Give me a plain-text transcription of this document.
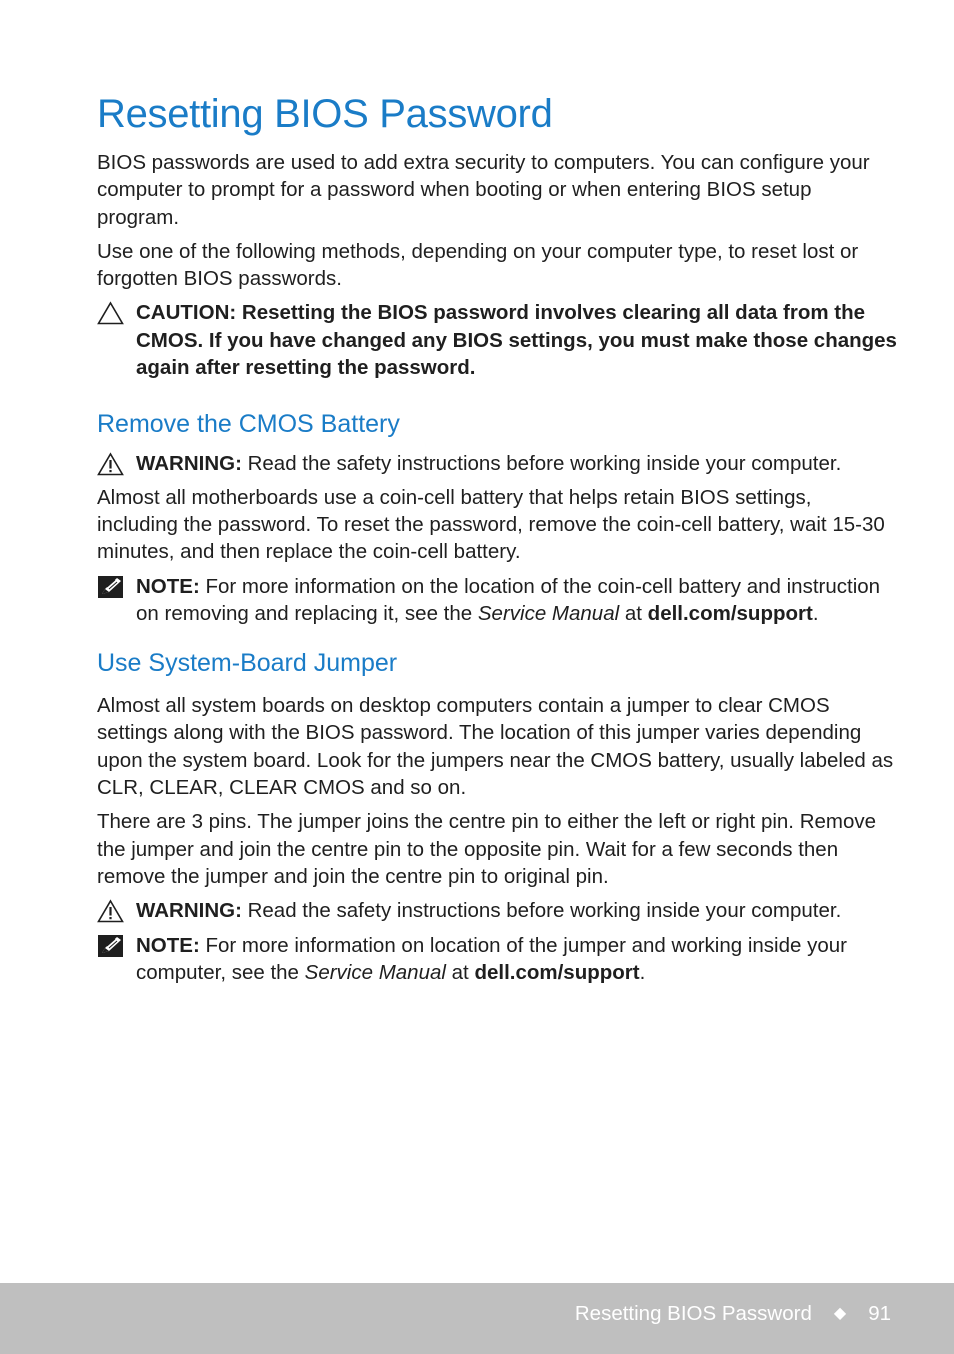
Resetting BIOS Password

BIOS passwords are used to add extra security to computers. You can configure your computer to prompt for a password when booting or when entering BIOS setup program.

Use one of the following methods, depending on your computer type, to reset lost or forgotten BIOS passwords.

CAUTION: Resetting the BIOS password involves clearing all data from the CMOS. If you have changed any BIOS settings, you must make those changes again after resetting the password.
Remove the CMOS Battery
WARNING: Read the safety instructions before working inside your computer.

Almost all motherboards use a coin-cell battery that helps retain BIOS settings, including the password. To reset the password, remove the coin-cell battery, wait 15-30 minutes, and then replace the coin-cell battery.

NOTE: For more information on the location of the coin-cell battery and instruction on removing and replacing it, see the Service Manual at dell.com/support.
Use System-Board Jumper

Almost all system boards on desktop computers contain a jumper to clear CMOS settings along with the BIOS password. The location of this jumper varies depending upon the system board. Look for the jumpers near the CMOS battery, usually labeled as CLR, CLEAR, CLEAR CMOS and so on.

There are 3 pins. The jumper joins the centre pin to either the left or right pin. Remove the jumper and join the centre pin to the opposite pin. Wait for a few seconds then remove the jumper and join the centre pin to original pin.

WARNING: Read the safety instructions before working inside your computer.
NOTE: For more information on location of the jumper and working inside your computer, see the Service Manual at dell.com/support.
Resetting BIOS Password ◆ 91
